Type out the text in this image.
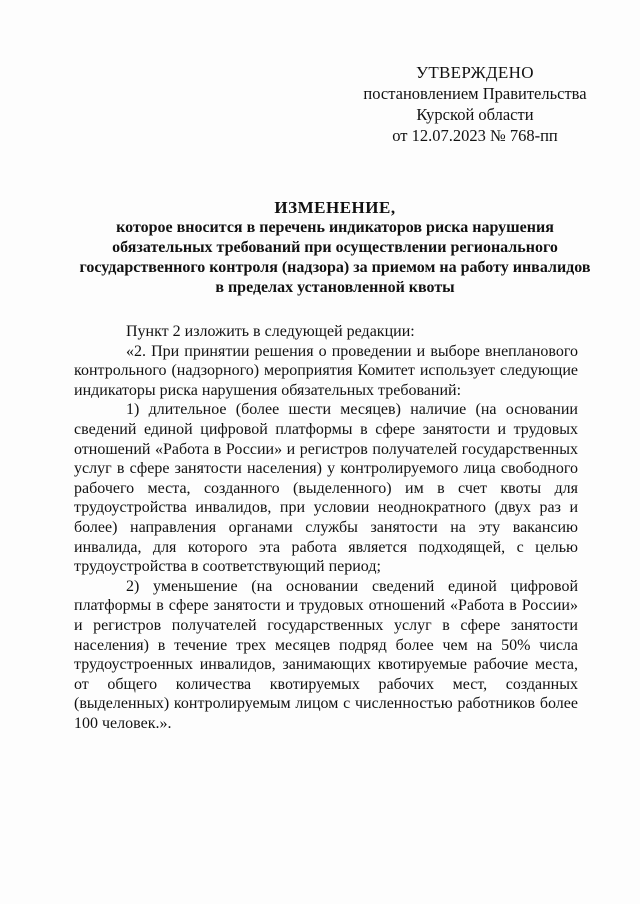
УТВЕРЖДЕНО
постановлением Правительства
Курской области
от 12.07.2023 № 768-пп
ИЗМЕНЕНИЕ,
которое вносится в перечень индикаторов риска нарушения обязательных требований при осуществлении регионального государственного контроля (надзора) за приемом на работу инвалидов в пределах установленной квоты

Пункт 2 изложить в следующей редакции:

«2. При принятии решения о проведении и выборе внепланового контрольного (надзорного) мероприятия Комитет использует следующие индикаторы риска нарушения обязательных требований:

1) длительное (более шести месяцев) наличие (на основании сведений единой цифровой платформы в сфере занятости и трудовых отношений «Работа в России» и регистров получателей государственных услуг в сфере занятости населения) у контролируемого лица свободного рабочего места, созданного (выделенного) им в счет квоты для трудоустройства инвалидов, при условии неоднократного (двух раз и более) направления органами службы занятости на эту вакансию инвалида, для которого эта работа является подходящей, с целью трудоустройства в соответствующий период;

2) уменьшение (на основании сведений единой цифровой платформы в сфере занятости и трудовых отношений «Работа в России» и регистров получателей государственных услуг в сфере занятости населения) в течение трех месяцев подряд более чем на 50% числа трудоустроенных инвалидов, занимающих квотируемые рабочие места, от общего количества квотируемых рабочих мест, созданных (выделенных) контролируемым лицом с численностью работников более 100 человек.».
